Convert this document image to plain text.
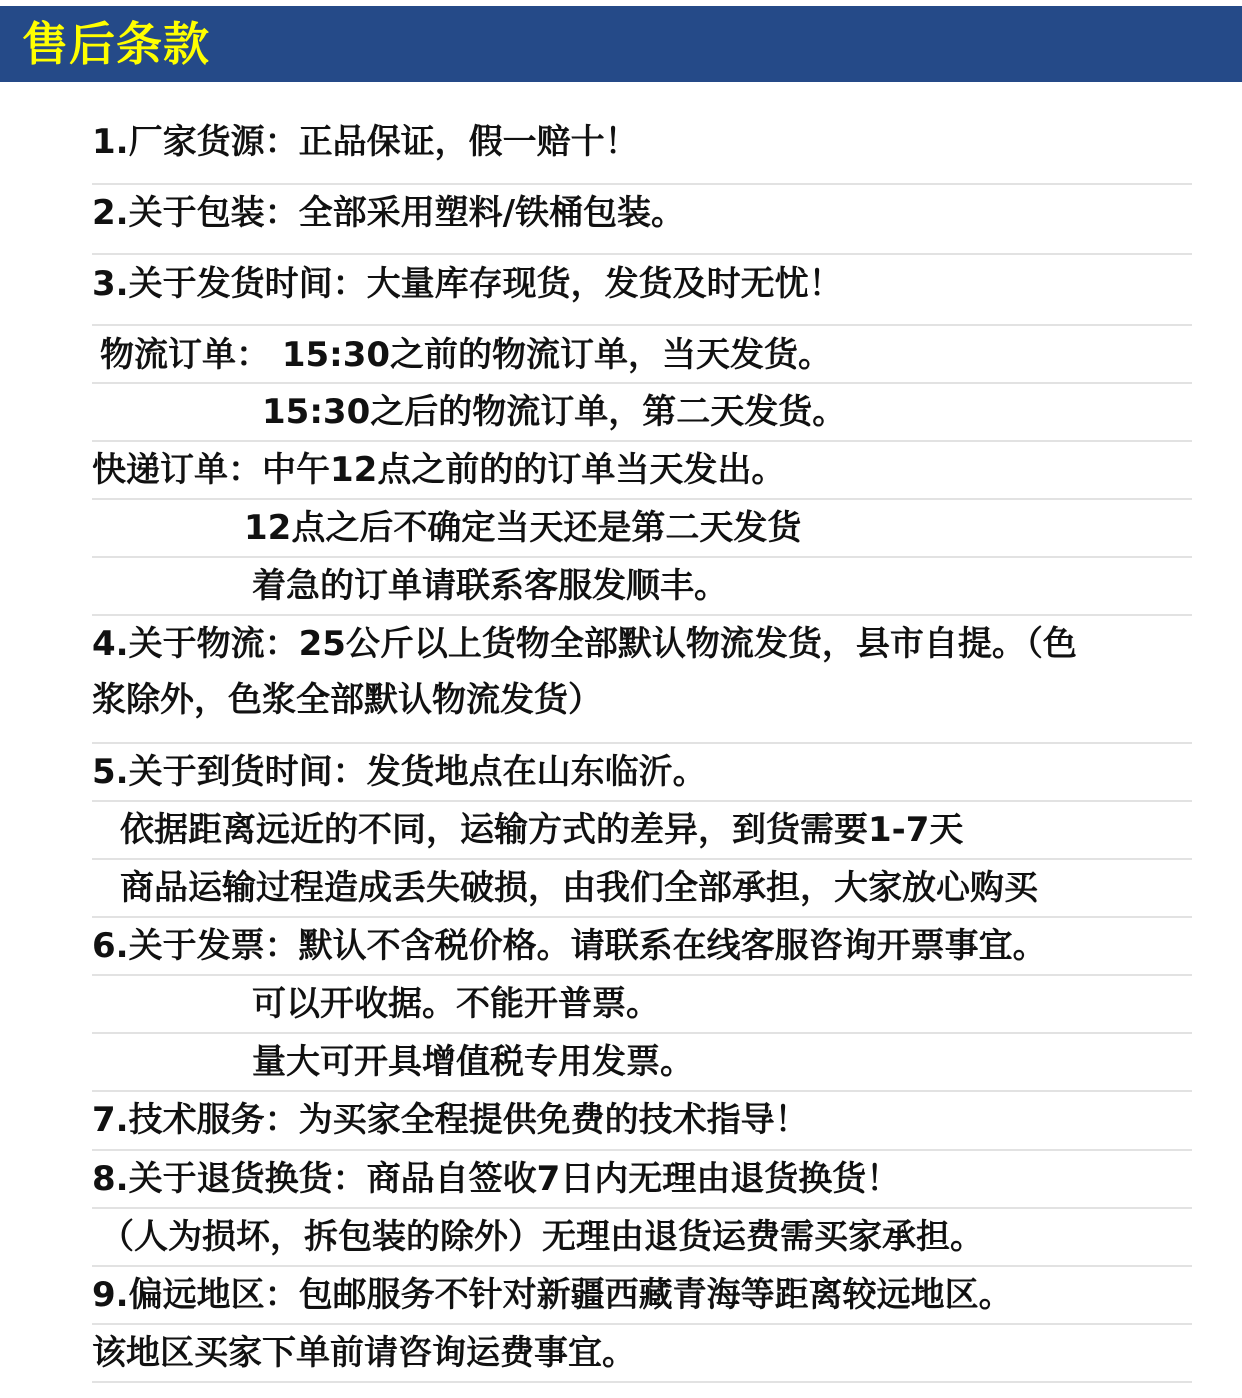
售后条款
1.厂家货源：正品保证，假一赔十！
2.关于包装：全部采用塑料/铁桶包装。
3.关于发货时间：大量库存现货，发货及时无忧！
物流订单： 15:30之前的物流订单，当天发货。
15:30之后的物流订单，第二天发货。
快递订单：中午12点之前的的订单当天发出。
12点之后不确定当天还是第二天发货
着急的订单请联系客服发顺丰。
4.关于物流：25公斤以上货物全部默认物流发货，县市自提。（色
浆除外，色浆全部默认物流发货）
5.关于到货时间：发货地点在山东临沂。
依据距离远近的不同，运输方式的差异，到货需要1-7天
商品运输过程造成丢失破损，由我们全部承担，大家放心购买
6.关于发票：默认不含税价格。请联系在线客服咨询开票事宜。
可以开收据。不能开普票。
量大可开具增值税专用发票。
7.技术服务：为买家全程提供免费的技术指导！
8.关于退货换货：商品自签收7日内无理由退货换货！
（人为损坏，拆包装的除外）无理由退货运费需买家承担。
9.偏远地区：包邮服务不针对新疆西藏青海等距离较远地区。
该地区买家下单前请咨询运费事宜。
